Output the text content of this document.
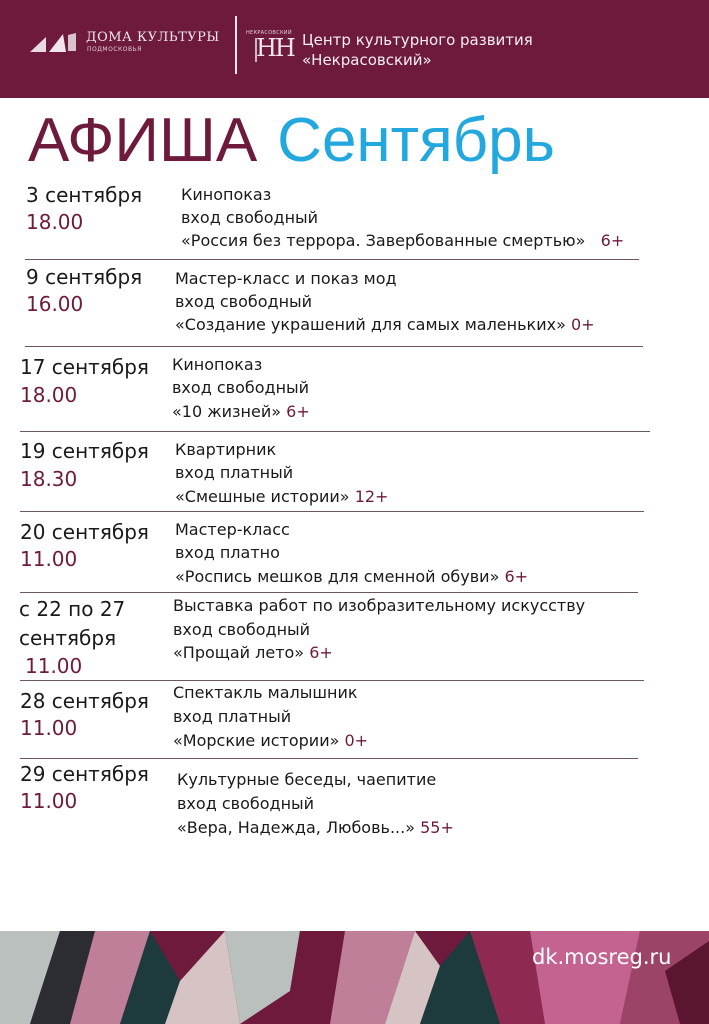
ДОМА КУЛЬТУРЫ
ПОДМОСКОВЬЯ
НЕКРАСОВСКИЙ
НН Центр культурного развития
«Некрасовский»
АФИША Сентябрь
3 сентября
18.00
Кинопоказ
вход свободный
«Россия без террора. Завербованные смертью» 6+
9 сентября
16.00
Мастер-класс и показ мод
вход свободный
«Создание украшений для самых маленьких» 0+
17 сентября
18.00
Кинопоказ
вход свободный
«10 жизней» 6+
19 сентября
18.30
Квартирник
вход платный
«Смешные истории» 12+
20 сентября
11.00
Мастер-класс
вход платно
«Роспись мешков для сменной обуви» 6+
с 22 по 27
сентября
11.00
Выставка работ по изобразительному искусству
вход свободный
«Прощай лето» 6+
28 сентября
11.00
Спектакль малышник
вход платный
«Морские истории» 0+
29 сентября
11.00
Культурные беседы, чаепитие
вход свободный
«Вера, Надежда, Любовь...» 55+
dk.mosreg.ru
